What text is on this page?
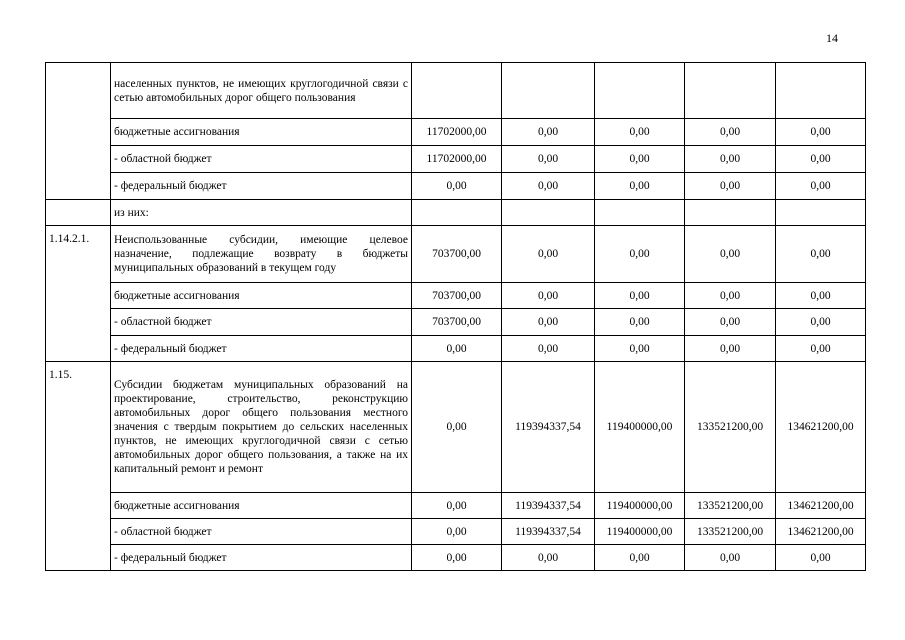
14
	населенных пунктов, не имеющих круглогодичной связи с сетью автомобильных дорог общего пользования					
	бюджетные ассигнования	11702000,00	0,00	0,00	0,00	0,00
	- областной бюджет	11702000,00	0,00	0,00	0,00	0,00
	- федеральный бюджет	0,00	0,00	0,00	0,00	0,00
	из них:					
1.14.2.1.	Неиспользованные субсидии, имеющие целевое назначение, подлежащие возврату в бюджеты муниципальных образований в текущем году	703700,00	0,00	0,00	0,00	0,00
	бюджетные ассигнования	703700,00	0,00	0,00	0,00	0,00
	- областной бюджет	703700,00	0,00	0,00	0,00	0,00
	- федеральный бюджет	0,00	0,00	0,00	0,00	0,00
1.15.	Субсидии бюджетам муниципальных образований на проектирование, строительство, реконструкцию автомобильных дорог общего пользования местного значения с твердым покрытием до сельских населенных пунктов, не имеющих круглогодичной связи с сетью автомобильных дорог общего пользования, а также на их капитальный ремонт и ремонт	0,00	119394337,54	119400000,00	133521200,00	134621200,00
	бюджетные ассигнования	0,00	119394337,54	119400000,00	133521200,00	134621200,00
	- областной бюджет	0,00	119394337,54	119400000,00	133521200,00	134621200,00
	- федеральный бюджет	0,00	0,00	0,00	0,00	0,00
